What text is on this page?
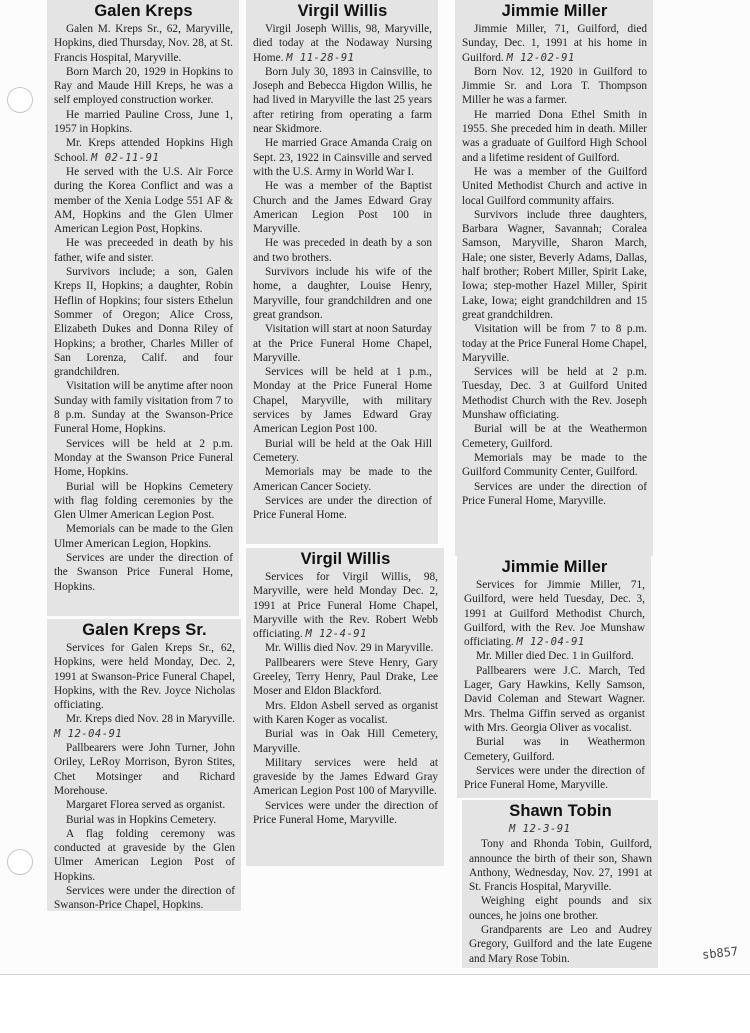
Galen Kreps

Galen M. Kreps Sr., 62, Maryville, Hopkins, died Thursday, Nov. 28, at St. Francis Hospital, Maryville.

Born March 20, 1929 in Hopkins to Ray and Maude Hill Kreps, he was a self employed construction worker.

He married Pauline Cross, June 1, 1957 in Hopkins.

Mr. Kreps attended Hopkins High School. M 02-11-91

He served with the U.S. Air Force during the Korea Conflict and was a member of the Xenia Lodge 551 AF & AM, Hopkins and the Glen Ulmer American Legion Post, Hopkins.

He was preceeded in death by his father, wife and sister.

Survivors include; a son, Galen Kreps II, Hopkins; a daughter, Robin Heflin of Hopkins; four sisters Ethelun Sommer of Oregon; Alice Cross, Elizabeth Dukes and Donna Riley of Hopkins; a brother, Charles Miller of San Lorenza, Calif. and four grandchildren.

Visitation will be anytime after noon Sunday with family visitation from 7 to 8 p.m. Sunday at the Swanson-Price Funeral Home, Hopkins.

Services will be held at 2 p.m. Monday at the Swanson Price Funeral Home, Hopkins.

Burial will be Hopkins Cemetery with flag folding ceremonies by the Glen Ulmer American Legion Post.

Memorials can be made to the Glen Ulmer American Legion, Hopkins.

Services are under the direction of the Swanson Price Funeral Home, Hopkins.

Galen Kreps Sr.

Services for Galen Kreps Sr., 62, Hopkins, were held Monday, Dec. 2, 1991 at Swanson-Price Funeral Chapel, Hopkins, with the Rev. Joyce Nicholas officiating.

Mr. Kreps died Nov. 28 in Maryville. M 12-04-91

Pallbearers were John Turner, John Oriley, LeRoy Morrison, Byron Stites, Chet Motsinger and Richard Morehouse.

Margaret Florea served as organist.

Burial was in Hopkins Cemetery.

A flag folding ceremony was conducted at graveside by the Glen Ulmer American Legion Post of Hopkins.

Services were under the direction of Swanson-Price Chapel, Hopkins.

Virgil Willis

Virgil Joseph Willis, 98, Maryville, died today at the Nodaway Nursing Home. M 11-28-91

Born July 30, 1893 in Cainsville, to Joseph and Bebecca Higdon Willis, he had lived in Maryville the last 25 years after retiring from operating a farm near Skidmore.

He married Grace Amanda Craig on Sept. 23, 1922 in Cainsville and served with the U.S. Army in World War I.

He was a member of the Baptist Church and the James Edward Gray American Legion Post 100 in Maryville.

He was preceded in death by a son and two brothers.

Survivors include his wife of the home, a daughter, Louise Henry, Maryville, four grandchildren and one great grandson.

Visitation will start at noon Saturday at the Price Funeral Home Chapel, Maryville.

Services will be held at 1 p.m., Monday at the Price Funeral Home Chapel, Maryville, with military services by James Edward Gray American Legion Post 100.

Burial will be held at the Oak Hill Cemetery.

Memorials may be made to the American Cancer Society.

Services are under the direction of Price Funeral Home.

Virgil Willis

Services for Virgil Willis, 98, Maryville, were held Monday Dec. 2, 1991 at Price Funeral Home Chapel, Maryville with the Rev. Robert Webb officiating. M 12-4-91

Mr. Willis died Nov. 29 in Maryville.

Pallbearers were Steve Henry, Gary Greeley, Terry Henry, Paul Drake, Lee Moser and Eldon Blackford.

Mrs. Eldon Asbell served as organist with Karen Koger as vocalist.

Burial was in Oak Hill Cemetery, Maryville.

Military services were held at graveside by the James Edward Gray American Legion Post 100 of Maryville.

Services were under the direction of Price Funeral Home, Maryville.

Jimmie Miller

Jimmie Miller, 71, Guilford, died Sunday, Dec. 1, 1991 at his home in Guilford. M 12-02-91

Born Nov. 12, 1920 in Guilford to Jimmie Sr. and Lora T. Thompson Miller he was a farmer.

He married Dona Ethel Smith in 1955. She preceded him in death. Miller was a graduate of Guilford High School and a lifetime resident of Guilford.

He was a member of the Guilford United Methodist Church and active in local Guilford community affairs.

Survivors include three daughters, Barbara Wagner, Savannah; Coralea Samson, Maryville, Sharon March, Hale; one sister, Beverly Adams, Dallas, half brother; Robert Miller, Spirit Lake, Iowa; step-mother Hazel Miller, Spirit Lake, Iowa; eight grandchildren and 15 great grandchildren.

Visitation will be from 7 to 8 p.m. today at the Price Funeral Home Chapel, Maryville.

Services will be held at 2 p.m. Tuesday, Dec. 3 at Guilford United Methodist Church with the Rev. Joseph Munshaw officiating.

Burial will be at the Weathermon Cemetery, Guilford.

Memorials may be made to the Guilford Community Center, Guilford.

Services are under the direction of Price Funeral Home, Maryville.

Jimmie Miller

Services for Jimmie Miller, 71, Guilford, were held Tuesday, Dec. 3, 1991 at Guilford Methodist Church, Guilford, with the Rev. Joe Munshaw officiating. M 12-04-91

Mr. Miller died Dec. 1 in Guilford.

Pallbearers were J.C. March, Ted Lager, Gary Hawkins, Kelly Samson, David Coleman and Stewart Wagner. Mrs. Thelma Giffin served as organist with Mrs. Georgia Oliver as vocalist.

Burial was in Weathermon Cemetery, Guilford.

Services were under the direction of Price Funeral Home, Maryville.

Shawn Tobin

M 12-3-91

Tony and Rhonda Tobin, Guilford, announce the birth of their son, Shawn Anthony, Wednesday, Nov. 27, 1991 at St. Francis Hospital, Maryville.

Weighing eight pounds and six ounces, he joins one brother.

Grandparents are Leo and Audrey Gregory, Guilford and the late Eugene and Mary Rose Tobin.	sb857
